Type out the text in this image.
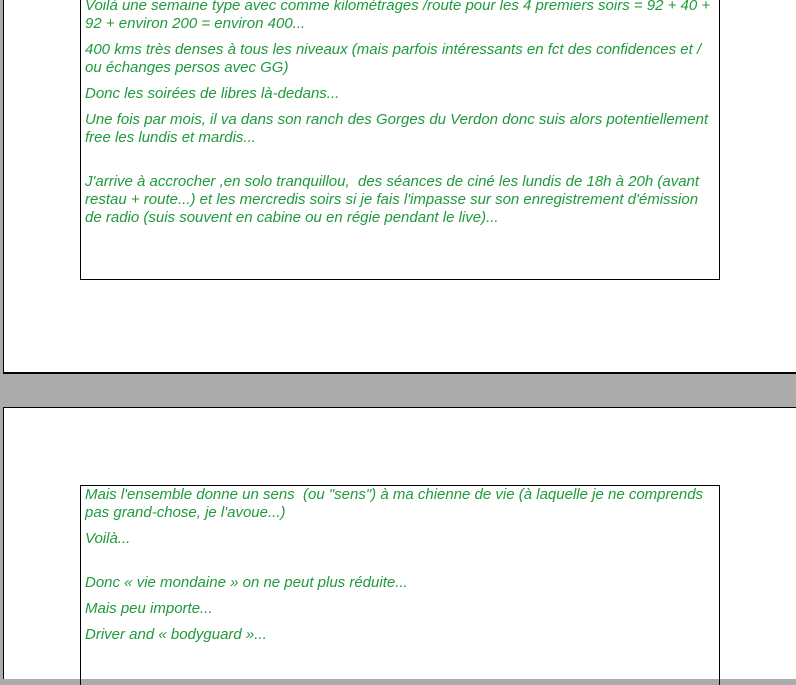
Voilà une semaine type avec comme kilométrages /route pour les 4 premiers soirs = 92 + 40 + 92 + environ 200 = environ 400...

400 kms très denses à tous les niveaux (mais parfois intéressants en fct des confidences et / ou échanges persos avec GG)

Donc les soirées de libres là-dedans...

Une fois par mois, il va dans son ranch des Gorges du Verdon donc suis alors potentiellement free les lundis et mardis...

J'arrive à accrocher ,en solo tranquillou,  des séances de ciné les lundis de 18h à 20h (avant restau + route...) et les mercredis soirs si je fais l'impasse sur son enregistrement d'émission de radio (suis souvent en cabine ou en régie pendant le live)...

Mais l'ensemble donne un sens  (ou "sens") à ma chienne de vie (à laquelle je ne comprends pas grand-chose, je l'avoue...)

Voilà...

Donc « vie mondaine » on ne peut plus réduite...

Mais peu importe...

Driver and « bodyguard »...
